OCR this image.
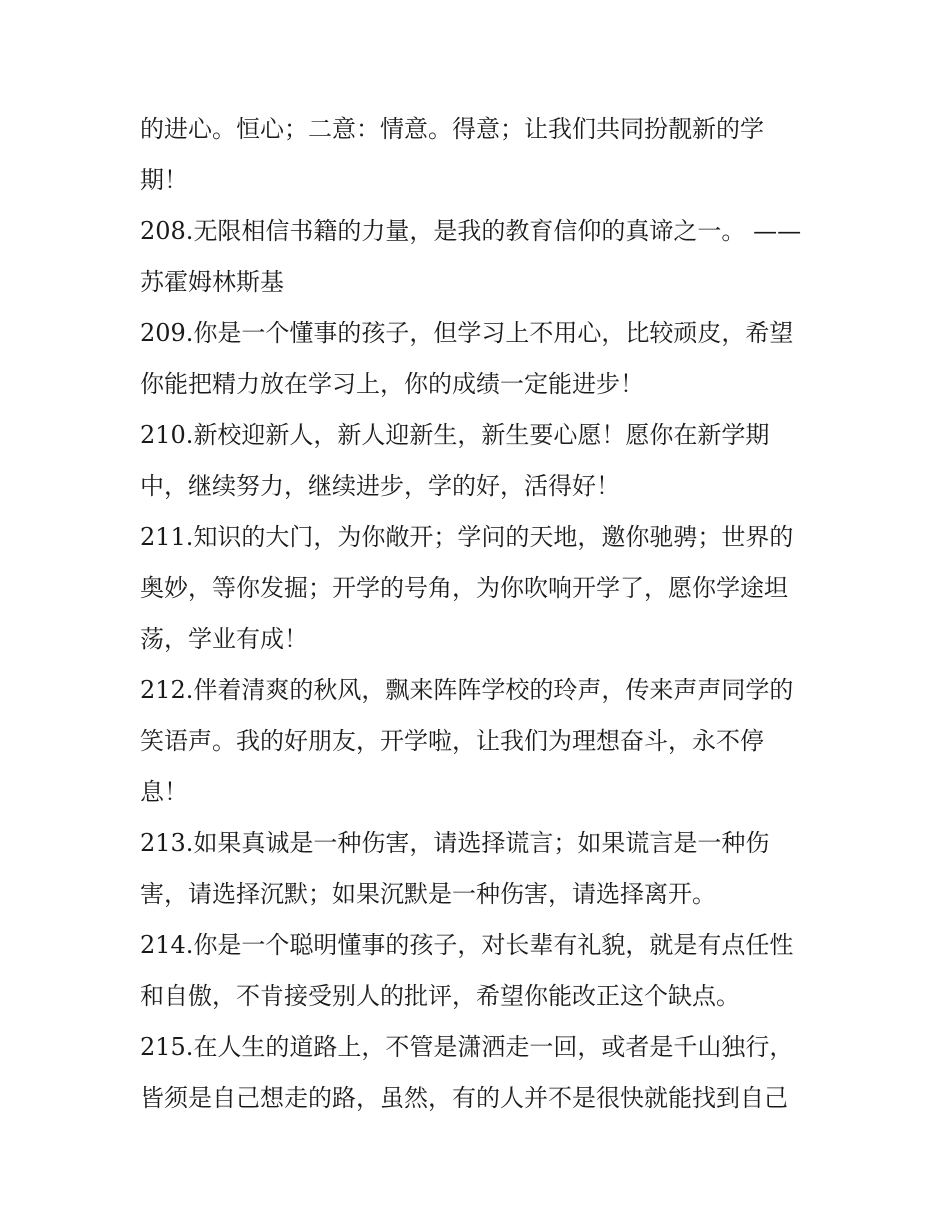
的进心。恒心；二意：情意。得意；让我们共同扮靓新的学
期！
208.无限相信书籍的力量，是我的教育信仰的真谛之一。 ——
苏霍姆林斯基
209.你是一个懂事的孩子，但学习上不用心，比较顽皮，希望
你能把精力放在学习上，你的成绩一定能进步！
210.新校迎新人，新人迎新生，新生要心愿！愿你在新学期
中，继续努力，继续进步，学的好，活得好！
211.知识的大门，为你敞开；学问的天地，邀你驰骋；世界的
奥妙，等你发掘；开学的号角，为你吹响开学了，愿你学途坦
荡，学业有成！
212.伴着清爽的秋风，飘来阵阵学校的玲声，传来声声同学的
笑语声。我的好朋友，开学啦，让我们为理想奋斗，永不停
息！
213.如果真诚是一种伤害，请选择谎言；如果谎言是一种伤
害，请选择沉默；如果沉默是一种伤害，请选择离开。
214.你是一个聪明懂事的孩子，对长辈有礼貌，就是有点任性
和自傲，不肯接受别人的批评，希望你能改正这个缺点。
215.在人生的道路上，不管是潇洒走一回，或者是千山独行，
皆须是自己想走的路，虽然，有的人并不是很快就能找到自己
